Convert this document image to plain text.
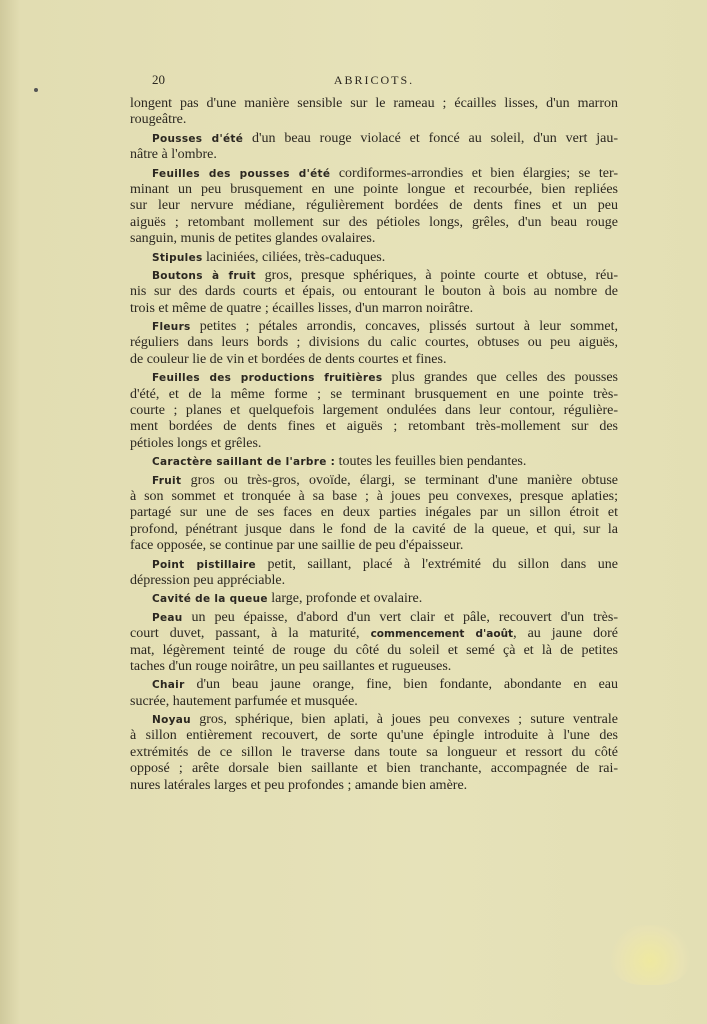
20	ABRICOTS.
longent pas d'une manière sensible sur le rameau ; écailles lisses, d'un marron
rougeâtre.
Pousses d'été d'un beau rouge violacé et foncé au soleil, d'un vert jau-
nâtre à l'ombre.
Feuilles des pousses d'été cordiformes-arrondies et bien élargies; se ter-
minant un peu brusquement en une pointe longue et recourbée, bien repliées
sur leur nervure médiane, régulièrement bordées de dents fines et un peu
aiguës ; retombant mollement sur des pétioles longs, grêles, d'un beau rouge
sanguin, munis de petites glandes ovalaires.
Stipules laciniées, ciliées, très-caduques.
Boutons à fruit gros, presque sphériques, à pointe courte et obtuse, réu-
nis sur des dards courts et épais, ou entourant le bouton à bois au nombre de
trois et même de quatre ; écailles lisses, d'un marron noirâtre.
Fleurs petites ; pétales arrondis, concaves, plissés surtout à leur sommet,
réguliers dans leurs bords ; divisions du calic courtes, obtuses ou peu aiguës,
de couleur lie de vin et bordées de dents courtes et fines.
Feuilles des productions fruitières plus grandes que celles des pousses
d'été, et de la même forme ; se terminant brusquement en une pointe très-
courte ; planes et quelquefois largement ondulées dans leur contour, régulière-
ment bordées de dents fines et aiguës ; retombant très-mollement sur des
pétioles longs et grêles.
Caractère saillant de l'arbre : toutes les feuilles bien pendantes.
Fruit gros ou très-gros, ovoïde, élargi, se terminant d'une manière obtuse
à son sommet et tronquée à sa base ; à joues peu convexes, presque aplaties;
partagé sur une de ses faces en deux parties inégales par un sillon étroit et
profond, pénétrant jusque dans le fond de la cavité de la queue, et qui, sur la
face opposée, se continue par une saillie de peu d'épaisseur.
Point pistillaire petit, saillant, placé à l'extrémité du sillon dans une
dépression peu appréciable.
Cavité de la queue large, profonde et ovalaire.
Peau un peu épaisse, d'abord d'un vert clair et pâle, recouvert d'un très-
court duvet, passant, à la maturité, commencement d'août, au jaune doré
mat, légèrement teinté de rouge du côté du soleil et semé çà et là de petites
taches d'un rouge noirâtre, un peu saillantes et rugueuses.
Chair d'un beau jaune orange, fine, bien fondante, abondante en eau
sucrée, hautement parfumée et musquée.
Noyau gros, sphérique, bien aplati, à joues peu convexes ; suture ventrale
à sillon entièrement recouvert, de sorte qu'une épingle introduite à l'une des
extrémités de ce sillon le traverse dans toute sa longueur et ressort du côté
opposé ; arête dorsale bien saillante et bien tranchante, accompagnée de rai-
nures latérales larges et peu profondes ; amande bien amère.
